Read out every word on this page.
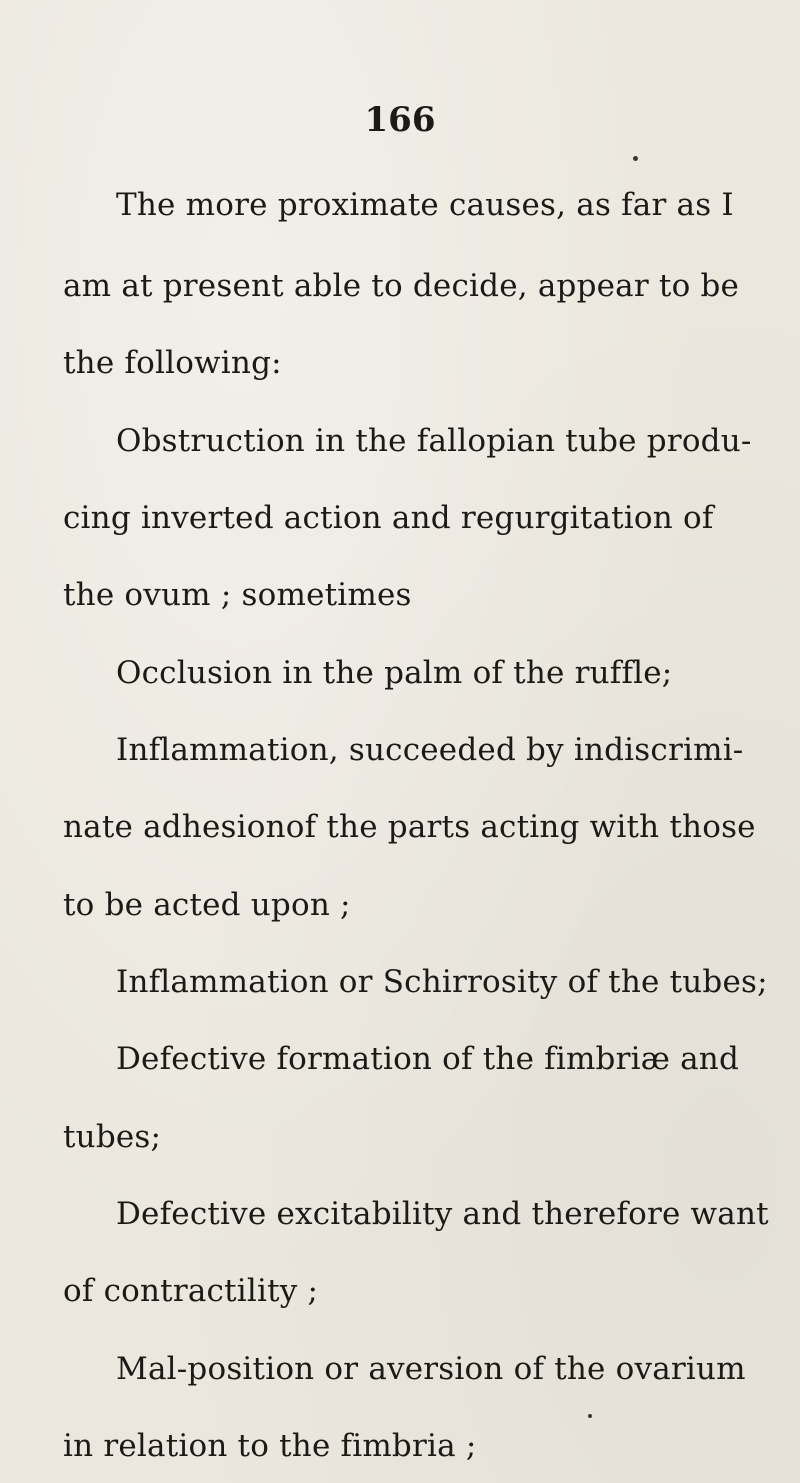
166
The more proximate causes, as far as I
am at present able to decide, appear to be
the following:
Obstruction in the fallopian tube produ-
cing inverted action and regurgitation of
the ovum ; sometimes
Occlusion in the palm of the ruffle;
Inflammation, succeeded by indiscrimi-
nate adhesionof the parts acting with those
to be acted upon ;
Inflammation or Schirrosity of the tubes;
Defective formation of the fimbriæ and
tubes;
Defective excitability and therefore want
of contractility ;
Mal-position or aversion of the ovarium
in relation to the fimbria ;
